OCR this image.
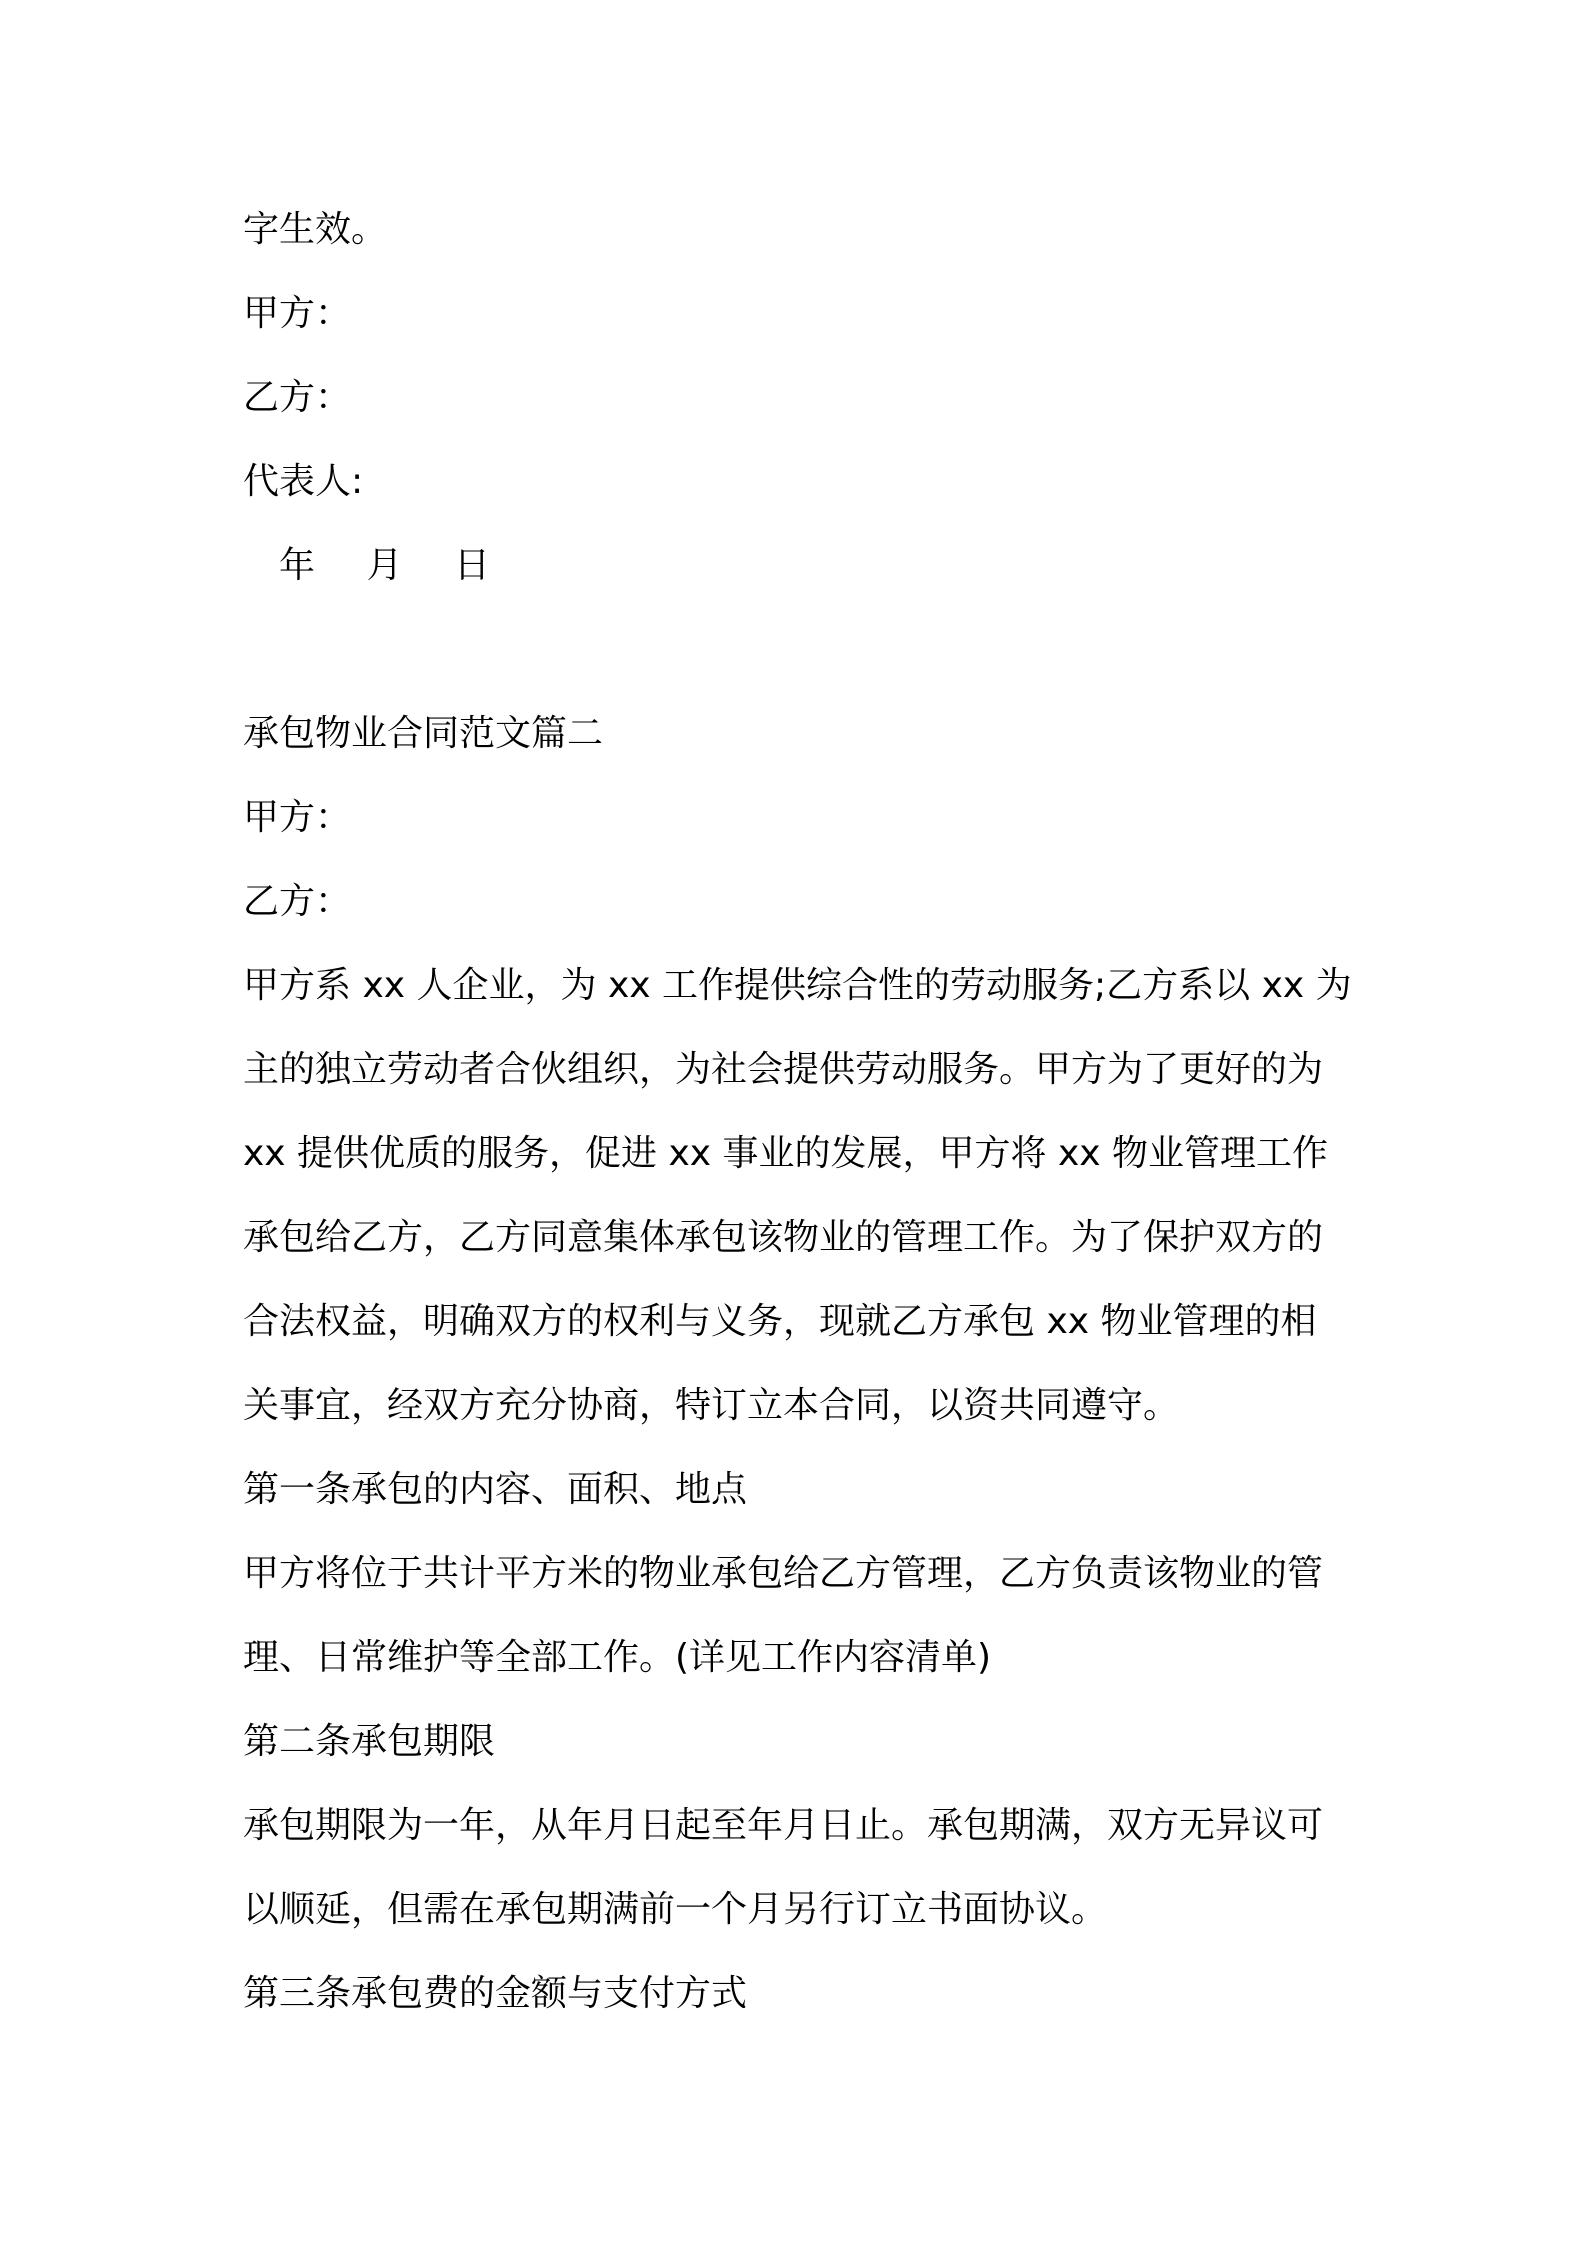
字生效。
甲方：
乙方：
代表人:
年 月 日
承包物业合同范文篇二
甲方：
乙方：
甲方系 xx 人企业，为 xx 工作提供综合性的劳动服务;乙方系以 xx 为
主的独立劳动者合伙组织，为社会提供劳动服务。甲方为了更好的为
xx 提供优质的服务，促进 xx 事业的发展，甲方将 xx 物业管理工作
承包给乙方，乙方同意集体承包该物业的管理工作。为了保护双方的
合法权益，明确双方的权利与义务，现就乙方承包 xx 物业管理的相
关事宜，经双方充分协商，特订立本合同，以资共同遵守。
第一条承包的内容、面积、地点
甲方将位于共计平方米的物业承包给乙方管理，乙方负责该物业的管
理、日常维护等全部工作。(详见工作内容清单)
第二条承包期限
承包期限为一年，从年月日起至年月日止。承包期满，双方无异议可
以顺延，但需在承包期满前一个月另行订立书面协议。
第三条承包费的金额与支付方式
